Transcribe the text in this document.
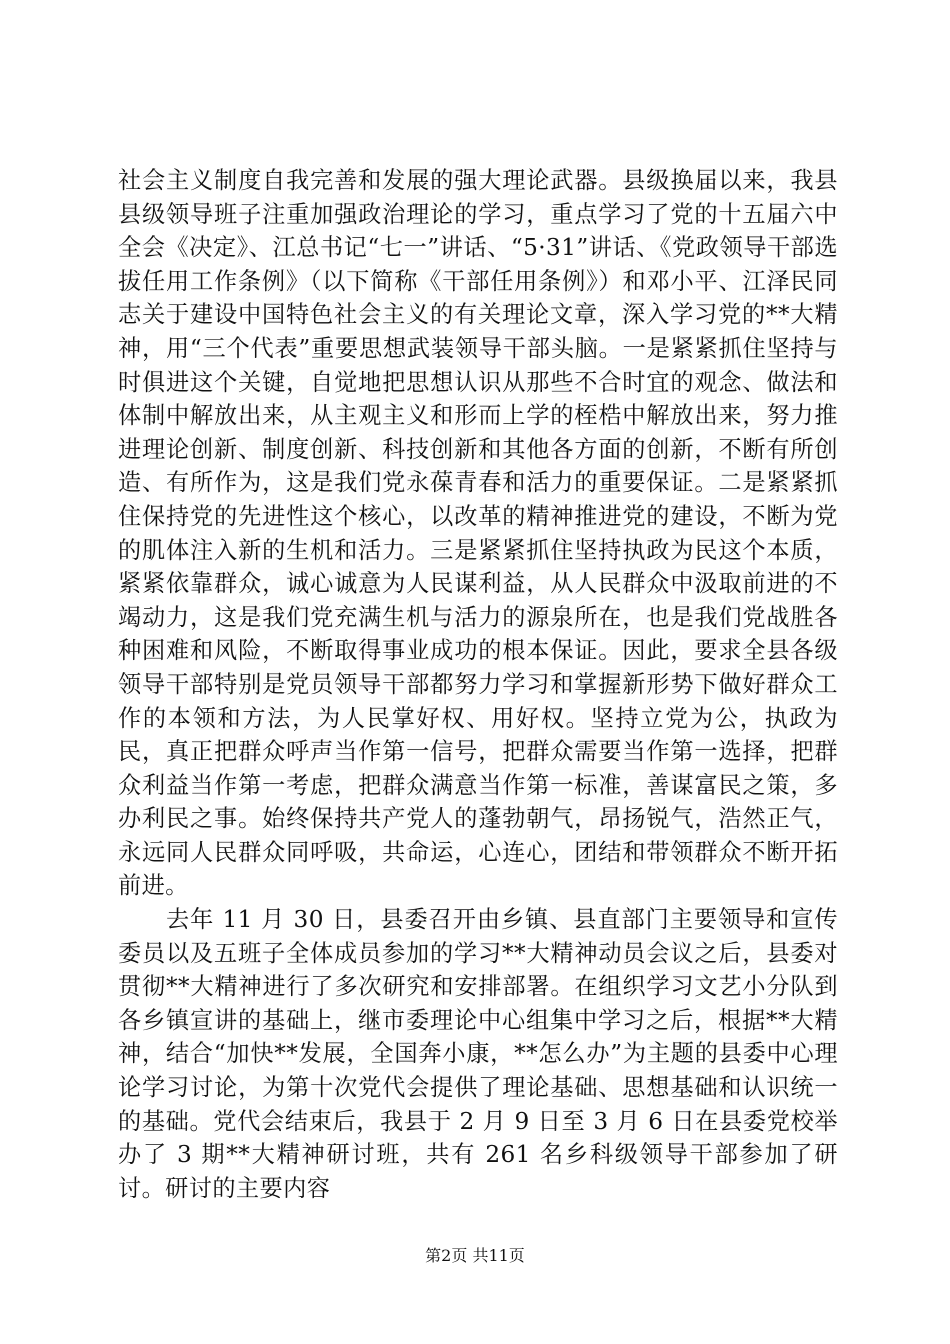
社会主义制度自我完善和发展的强大理论武器。县级换届以来，我县县级领导班子注重加强政治理论的学习，重点学习了党的十五届六中全会《决定》、江总书记“七一”讲话、“5·31”讲话、《党政领导干部选拔任用工作条例》（以下简称《干部任用条例》）和邓小平、江泽民同志关于建设中国特色社会主义的有关理论文章，深入学习党的**大精神，用“三个代表”重要思想武装领导干部头脑。一是紧紧抓住坚持与时俱进这个关键，自觉地把思想认识从那些不合时宜的观念、做法和体制中解放出来，从主观主义和形而上学的桎梏中解放出来，努力推进理论创新、制度创新、科技创新和其他各方面的创新，不断有所创造、有所作为，这是我们党永葆青春和活力的重要保证。二是紧紧抓住保持党的先进性这个核心，以改革的精神推进党的建设，不断为党的肌体注入新的生机和活力。三是紧紧抓住坚持执政为民这个本质，紧紧依靠群众，诚心诚意为人民谋利益，从人民群众中汲取前进的不竭动力，这是我们党充满生机与活力的源泉所在，也是我们党战胜各种困难和风险，不断取得事业成功的根本保证。因此，要求全县各级领导干部特别是党员领导干部都努力学习和掌握新形势下做好群众工作的本领和方法，为人民掌好权、用好权。坚持立党为公，执政为民，真正把群众呼声当作第一信号，把群众需要当作第一选择，把群众利益当作第一考虑，把群众满意当作第一标准，善谋富民之策，多办利民之事。始终保持共产党人的蓬勃朝气，昂扬锐气，浩然正气，永远同人民群众同呼吸，共命运，心连心，团结和带领群众不断开拓前进。

去年 11 月 30 日，县委召开由乡镇、县直部门主要领导和宣传委员以及五班子全体成员参加的学习**大精神动员会议之后，县委对贯彻**大精神进行了多次研究和安排部署。在组织学习文艺小分队到各乡镇宣讲的基础上，继市委理论中心组集中学习之后，根据**大精神，结合“加快**发展，全国奔小康，**怎么办”为主题的县委中心理论学习讨论，为第十次党代会提供了理论基础、思想基础和认识统一的基础。党代会结束后，我县于 2 月 9 日至 3 月 6 日在县委党校举办了 3 期**大精神研讨班，共有 261 名乡科级领导干部参加了研讨。研讨的主要内容

第2页 共11页
